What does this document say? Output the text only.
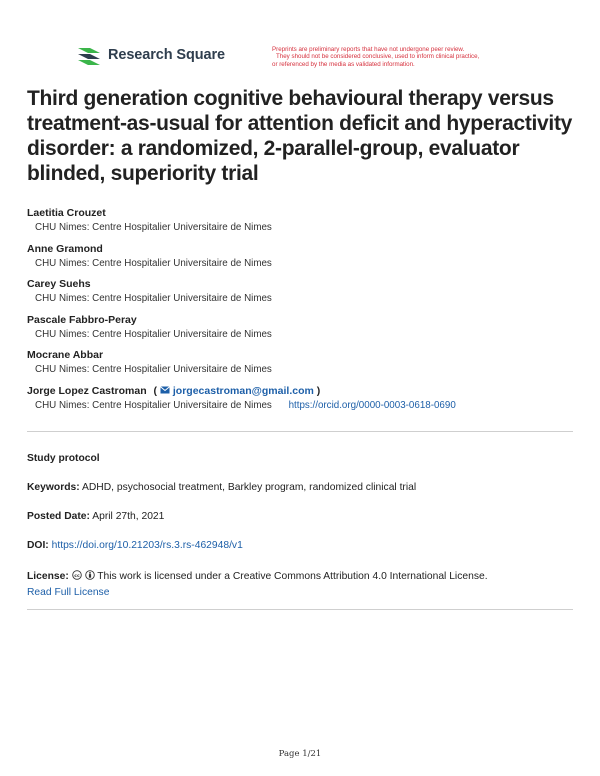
Research Square	Preprints are preliminary reports that have not undergone peer review.
They should not be considered conclusive, used to inform clinical practice,
or referenced by the media as validated information.
Third generation cognitive behavioural therapy versus treatment-as-usual for attention deficit and hyperactivity disorder: a randomized, 2-parallel-group, evaluator blinded, superiority trial
Laetitia Crouzet
CHU Nimes: Centre Hospitalier Universitaire de Nimes
Anne Gramond
CHU Nimes: Centre Hospitalier Universitaire de Nimes
Carey Suehs
CHU Nimes: Centre Hospitalier Universitaire de Nimes
Pascale Fabbro-Peray
CHU Nimes: Centre Hospitalier Universitaire de Nimes
Mocrane Abbar
CHU Nimes: Centre Hospitalier Universitaire de Nimes
Jorge Lopez Castroman ( jorgecastroman@gmail.com )
CHU Nimes: Centre Hospitalier Universitaire de Nimes https://orcid.org/0000-0003-0618-0690
Study protocol
Keywords: ADHD, psychosocial treatment, Barkley program, randomized clinical trial
Posted Date: April 27th, 2021
DOI: https://doi.org/10.21203/rs.3.rs-462948/v1
License: cc This work is licensed under a Creative Commons Attribution 4.0 International License.
Read Full License
Page 1/21
